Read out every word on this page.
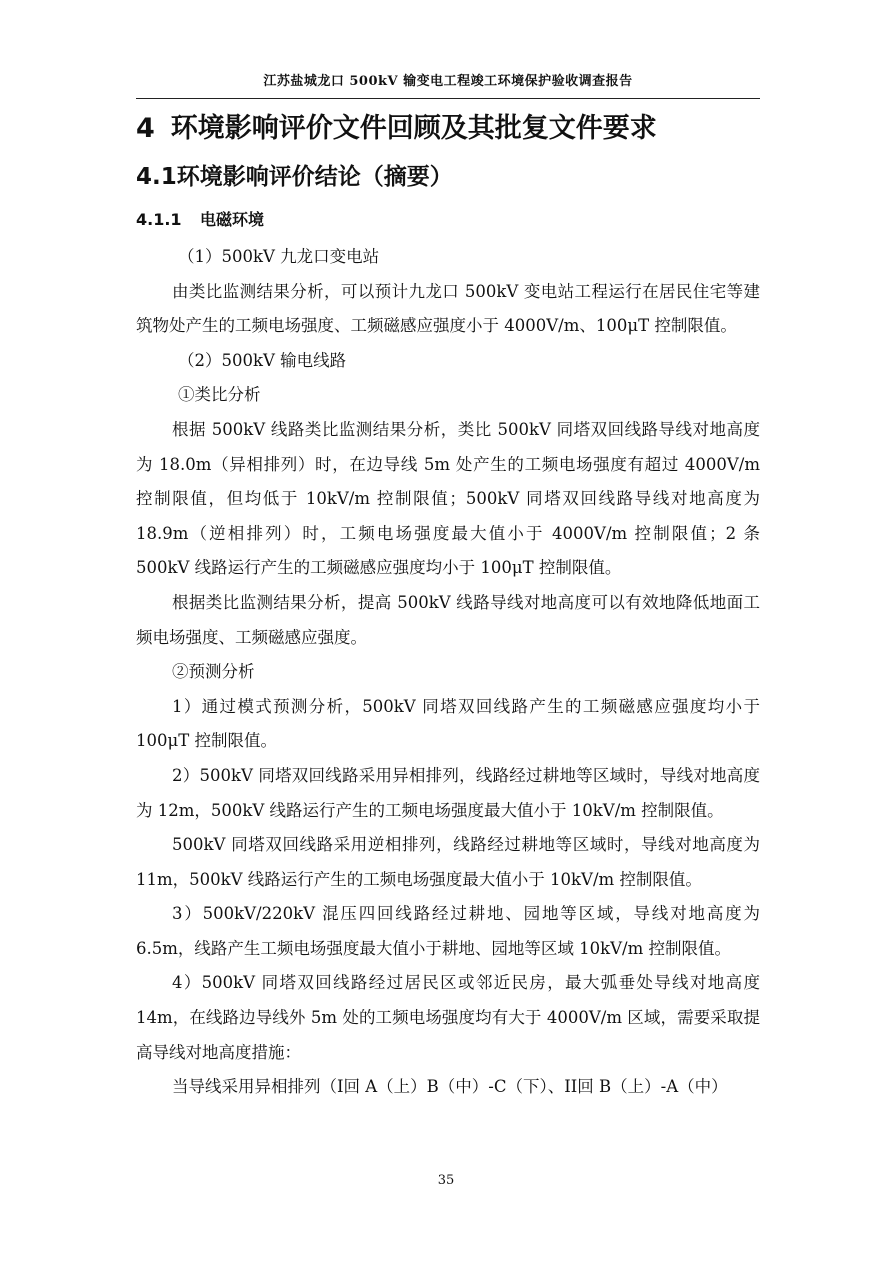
江苏盐城龙口 500kV 输变电工程竣工环境保护验收调查报告
4 环境影响评价文件回顾及其批复文件要求
4.1环境影响评价结论（摘要）
4.1.1 电磁环境

（1）500kV 九龙口变电站

由类比监测结果分析，可以预计九龙口 500kV 变电站工程运行在居民住宅等建筑物处产生的工频电场强度、工频磁感应强度小于 4000V/m、100μT 控制限值。

（2）500kV 输电线路

①类比分析

根据 500kV 线路类比监测结果分析，类比 500kV 同塔双回线路导线对地高度为 18.0m（异相排列）时，在边导线 5m 处产生的工频电场强度有超过 4000V/m 控制限值，但均低于 10kV/m 控制限值；500kV 同塔双回线路导线对地高度为 18.9m（逆相排列）时，工频电场强度最大值小于 4000V/m 控制限值；2 条 500kV 线路运行产生的工频磁感应强度均小于 100μT 控制限值。

根据类比监测结果分析，提高 500kV 线路导线对地高度可以有效地降低地面工频电场强度、工频磁感应强度。

②预测分析

1）通过模式预测分析，500kV 同塔双回线路产生的工频磁感应强度均小于 100μT 控制限值。

2）500kV 同塔双回线路采用异相排列，线路经过耕地等区域时，导线对地高度为 12m，500kV 线路运行产生的工频电场强度最大值小于 10kV/m 控制限值。

500kV 同塔双回线路采用逆相排列，线路经过耕地等区域时，导线对地高度为 11m，500kV 线路运行产生的工频电场强度最大值小于 10kV/m 控制限值。

3）500kV/220kV 混压四回线路经过耕地、园地等区域，导线对地高度为 6.5m，线路产生工频电场强度最大值小于耕地、园地等区域 10kV/m 控制限值。

4）500kV 同塔双回线路经过居民区或邻近民房，最大弧垂处导线对地高度 14m，在线路边导线外 5m 处的工频电场强度均有大于 4000V/m 区域，需要采取提高导线对地高度措施：

当导线采用异相排列（I回 A（上）B（中）-C（下）、II回 B（上）-A（中）

35
